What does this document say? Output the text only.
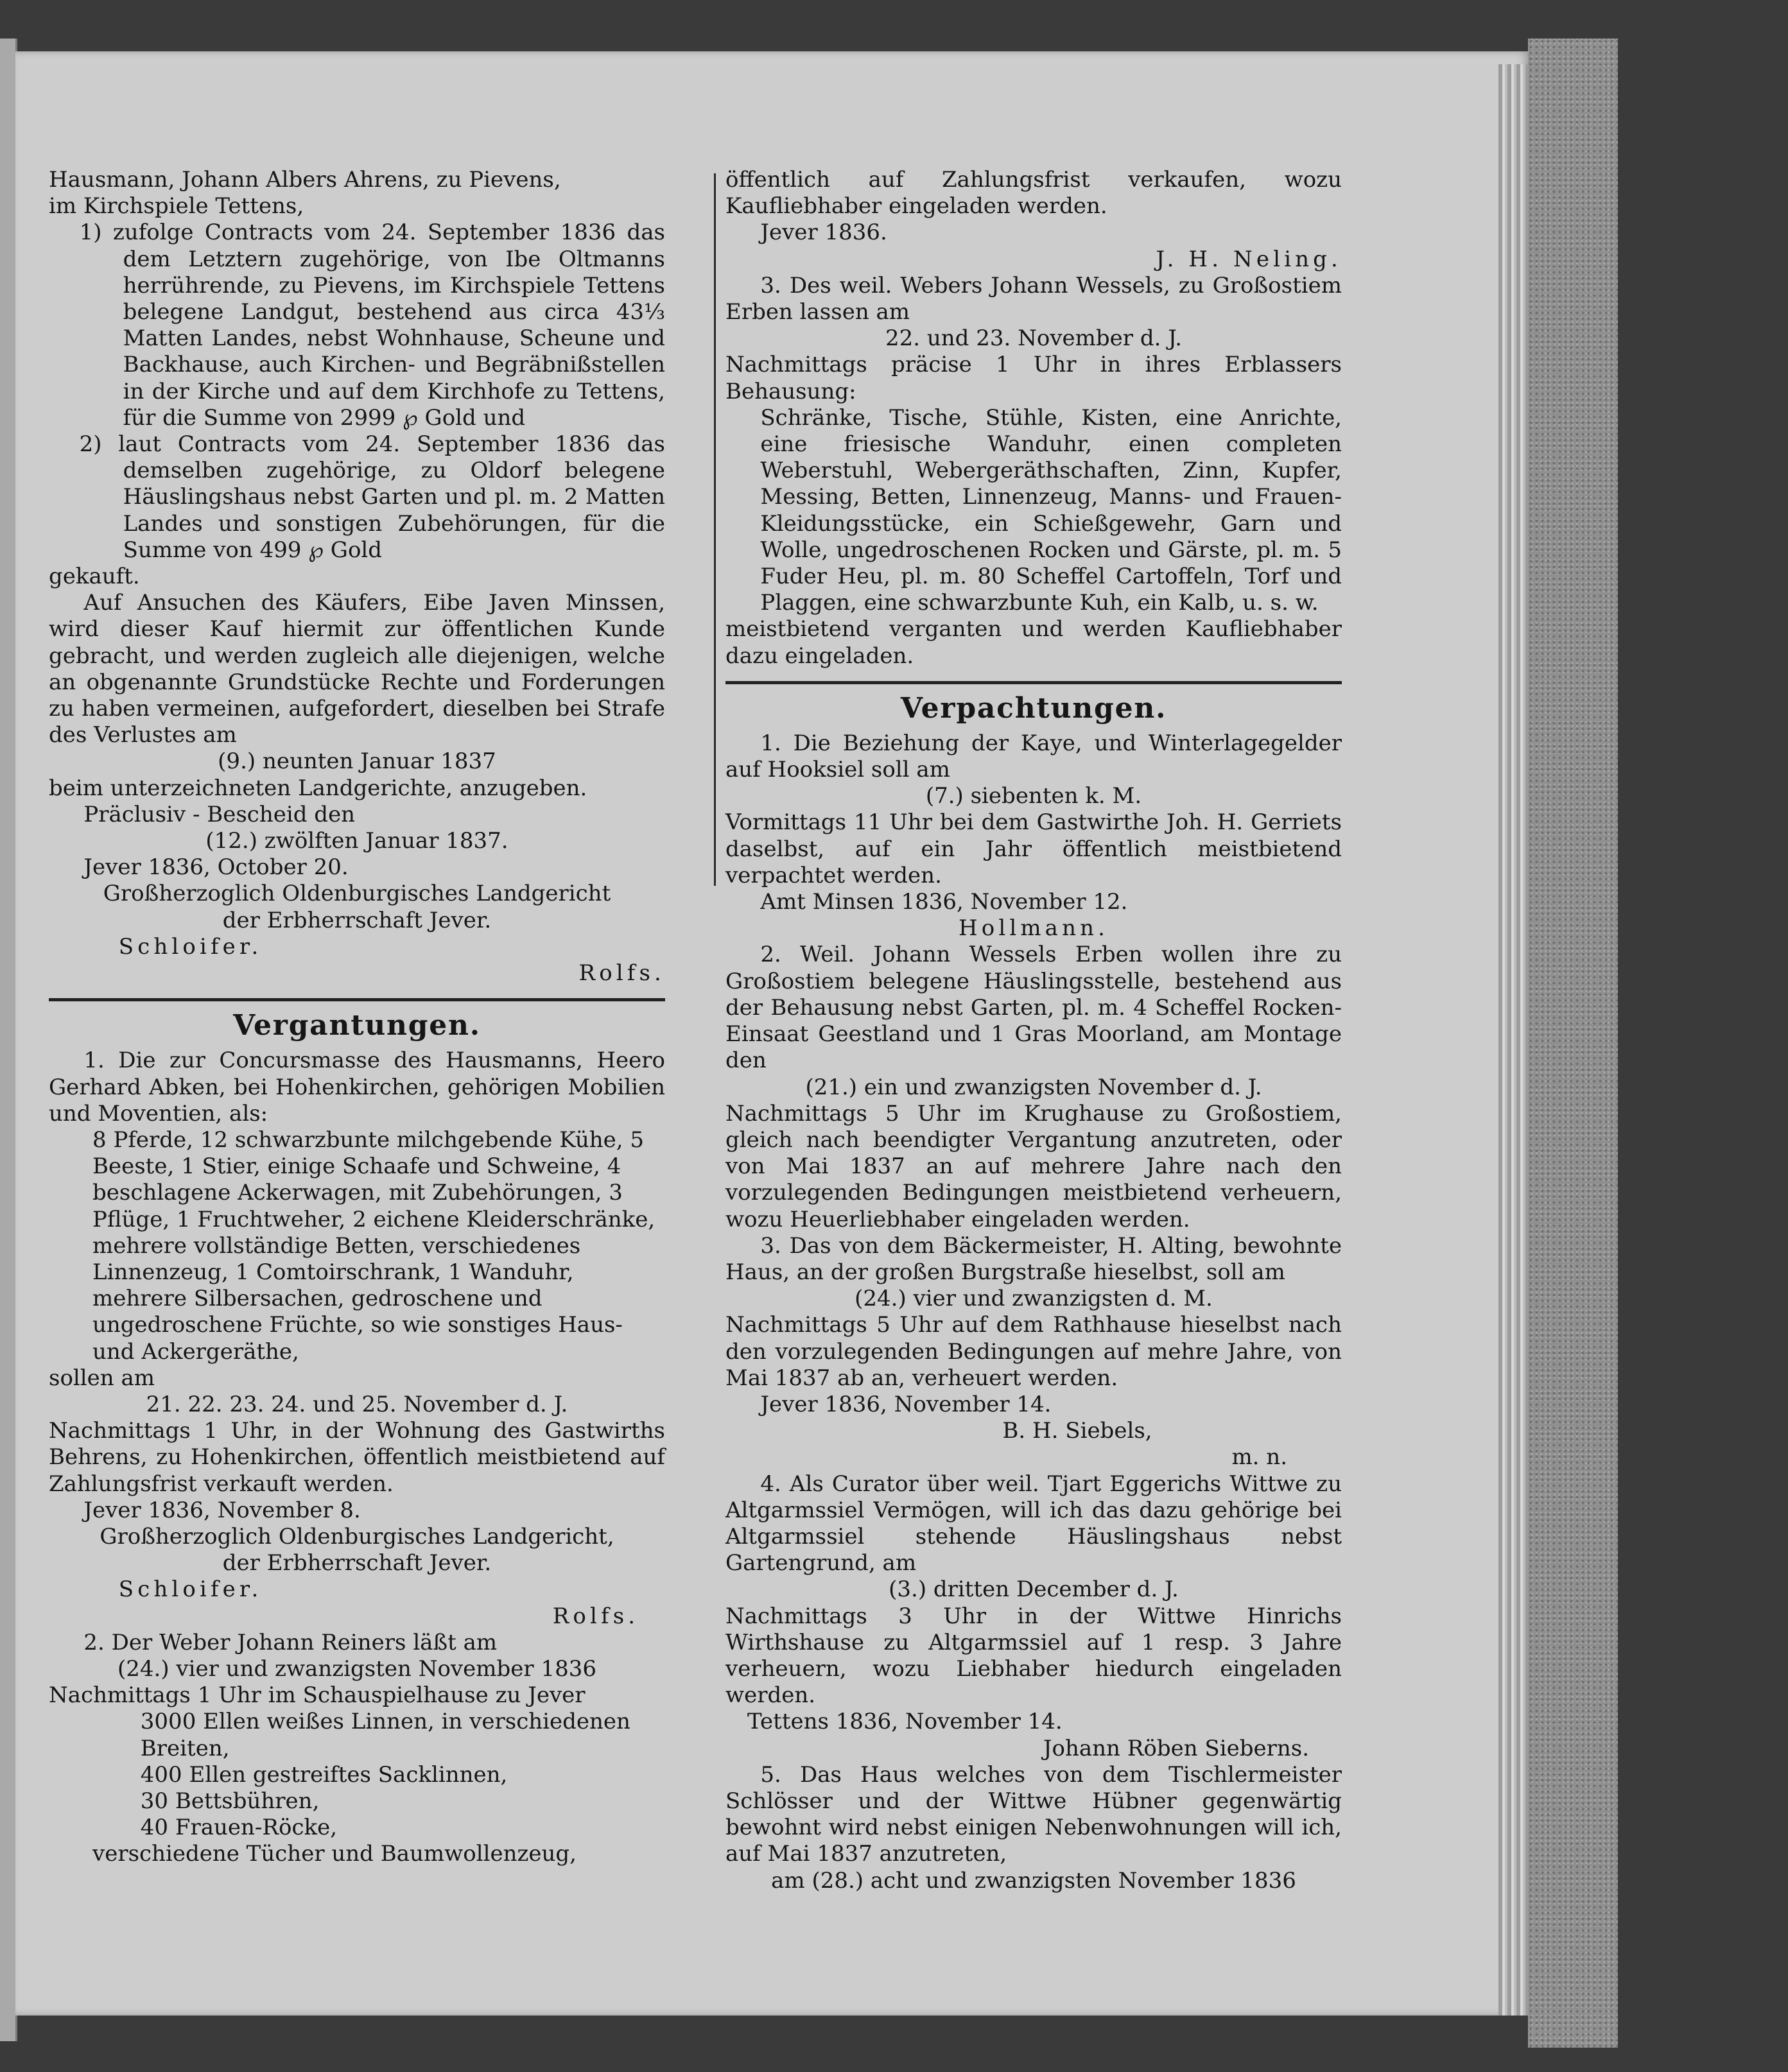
Hausmann, Johann Albers Ahrens, zu Pievens,

im Kirchspiele Tettens,

1) zufolge Contracts vom 24. September 1836 das dem Letztern zugehörige, von Ibe Oltmanns herrührende, zu Pievens, im Kirchspiele Tettens belegene Landgut, bestehend aus circa 43⅓ Matten Landes, nebst Wohnhause, Scheune und Backhause, auch Kirchen- und Begräbnißstellen in der Kirche und auf dem Kirchhofe zu Tettens, für die Summe von 2999 ℘ Gold und

2) laut Contracts vom 24. September 1836 das demselben zugehörige, zu Oldorf belegene Häuslingshaus nebst Garten und pl. m. 2 Matten Landes und sonstigen Zubehörungen, für die Summe von 499 ℘ Gold

gekauft.

Auf Ansuchen des Käufers, Eibe Javen Minssen, wird dieser Kauf hiermit zur öffentlichen Kunde gebracht, und werden zugleich alle diejenigen, welche an obgenannte Grundstücke Rechte und Forderungen zu haben vermeinen, aufgefordert, dieselben bei Strafe des Verlustes am

(9.) neunten Januar 1837

beim unterzeichneten Landgerichte, anzugeben.

Präclusiv - Bescheid den

(12.) zwölften Januar 1837.

Jever 1836, October 20.

Großherzoglich Oldenburgisches Landgericht

der Erbherrschaft Jever.

Schloifer.

Rolfs.

Vergantungen.

1. Die zur Concursmasse des Hausmanns, Heero Gerhard Abken, bei Hohenkirchen, gehörigen Mobilien und Moventien, als:

8 Pferde, 12 schwarzbunte milchgebende Kühe, 5 Beeste, 1 Stier, einige Schaafe und Schweine, 4 beschlagene Ackerwagen, mit Zubehörungen, 3 Pflüge, 1 Fruchtweher, 2 eichene Kleiderschränke, mehrere vollständige Betten, verschiedenes Linnenzeug, 1 Comtoirschrank, 1 Wanduhr, mehrere Silbersachen, gedroschene und ungedroschene Früchte, so wie sonstiges Haus- und Ackergeräthe,

sollen am

21. 22. 23. 24. und 25. November d. J.

Nachmittags 1 Uhr, in der Wohnung des Gastwirths Behrens, zu Hohenkirchen, öffentlich meistbietend auf Zahlungsfrist verkauft werden.

Jever 1836, November 8.

Großherzoglich Oldenburgisches Landgericht,

der Erbherrschaft Jever.

Schloifer.

Rolfs.

2. Der Weber Johann Reiners läßt am

(24.) vier und zwanzigsten November 1836

Nachmittags 1 Uhr im Schauspielhause zu Jever

3000 Ellen weißes Linnen, in verschiedenen Breiten,

400 Ellen gestreiftes Sacklinnen,

30 Bettsbühren,

40 Frauen-Röcke,

verschiedene Tücher und Baumwollenzeug,

öffentlich auf Zahlungsfrist verkaufen, wozu Kaufliebhaber eingeladen werden.

Jever 1836.

J. H. Neling.

3. Des weil. Webers Johann Wessels, zu Großostiem Erben lassen am

22. und 23. November d. J.

Nachmittags präcise 1 Uhr in ihres Erblassers Behausung:

Schränke, Tische, Stühle, Kisten, eine Anrichte, eine friesische Wanduhr, einen completen Weberstuhl, Webergeräthschaften, Zinn, Kupfer, Messing, Betten, Linnenzeug, Manns- und Frauen-Kleidungsstücke, ein Schießgewehr, Garn und Wolle, ungedroschenen Rocken und Gärste, pl. m. 5 Fuder Heu, pl. m. 80 Scheffel Cartoffeln, Torf und Plaggen, eine schwarzbunte Kuh, ein Kalb, u. s. w.

meistbietend verganten und werden Kaufliebhaber dazu eingeladen.

Verpachtungen.

1. Die Beziehung der Kaye, und Winterlagegelder auf Hooksiel soll am

(7.) siebenten k. M.

Vormittags 11 Uhr bei dem Gastwirthe Joh. H. Gerriets daselbst, auf ein Jahr öffentlich meistbietend verpachtet werden.

Amt Minsen 1836, November 12.

Hollmann.

2. Weil. Johann Wessels Erben wollen ihre zu Großostiem belegene Häuslingsstelle, bestehend aus der Behausung nebst Garten, pl. m. 4 Scheffel Rocken-Einsaat Geestland und 1 Gras Moorland, am Montage den

(21.) ein und zwanzigsten November d. J.

Nachmittags 5 Uhr im Krughause zu Großostiem, gleich nach beendigter Vergantung anzutreten, oder von Mai 1837 an auf mehrere Jahre nach den vorzulegenden Bedingungen meistbietend verheuern, wozu Heuerliebhaber eingeladen werden.

3. Das von dem Bäckermeister, H. Alting, bewohnte Haus, an der großen Burgstraße hieselbst, soll am

(24.) vier und zwanzigsten d. M.

Nachmittags 5 Uhr auf dem Rathhause hieselbst nach den vorzulegenden Bedingungen auf mehre Jahre, von Mai 1837 ab an, verheuert werden.

Jever 1836, November 14.

B. H. Siebels,

m. n.

4. Als Curator über weil. Tjart Eggerichs Wittwe zu Altgarmssiel Vermögen, will ich das dazu gehörige bei Altgarmssiel stehende Häuslingshaus nebst Gartengrund, am

(3.) dritten December d. J.

Nachmittags 3 Uhr in der Wittwe Hinrichs Wirthshause zu Altgarmssiel auf 1 resp. 3 Jahre verheuern, wozu Liebhaber hiedurch eingeladen werden.

Tettens 1836, November 14.

Johann Röben Sieberns.

5. Das Haus welches von dem Tischlermeister Schlösser und der Wittwe Hübner gegenwärtig bewohnt wird nebst einigen Nebenwohnungen will ich, auf Mai 1837 anzutreten,

am (28.) acht und zwanzigsten November 1836
